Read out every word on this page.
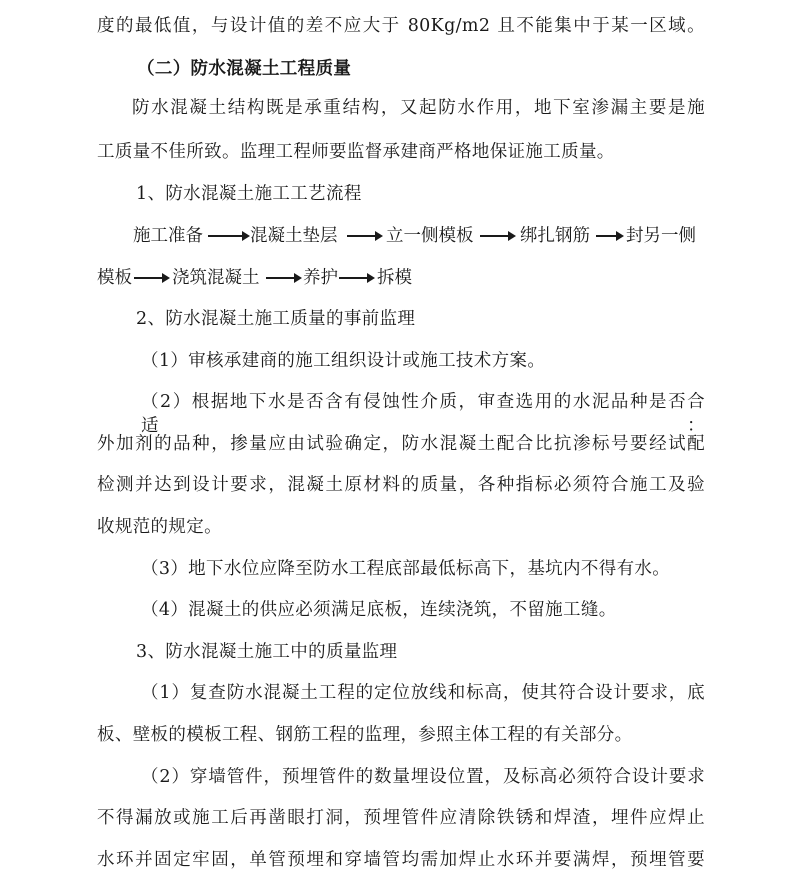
度的最低值，与设计值的差不应大于 80Kg/m2 且不能集中于某一区域。
（二）防水混凝土工程质量
防水混凝土结构既是承重结构，又起防水作用，地下室渗漏主要是施
工质量不佳所致。监理工程师要监督承建商严格地保证施工质量。
1、防水混凝土施工工艺流程
施工准备	混凝土垫层	立一侧模板	绑扎钢筋 封另一侧
模板 浇筑混凝土 养护 拆模
2、防水混凝土施工质量的事前监理
（1）审核承建商的施工组织设计或施工技术方案。
（2）根据地下水是否含有侵蚀性介质，审查选用的水泥品种是否合适：
外加剂的品种，掺量应由试验确定，防水混凝土配合比抗渗标号要经试配
检测并达到设计要求，混凝土原材料的质量，各种指标必须符合施工及验
收规范的规定。
（3）地下水位应降至防水工程底部最低标高下，基坑内不得有水。
（4）混凝土的供应必须满足底板，连续浇筑，不留施工缝。
3、防水混凝土施工中的质量监理
（1）复查防水混凝土工程的定位放线和标高，使其符合设计要求，底
板、壁板的模板工程、钢筋工程的监理，参照主体工程的有关部分。
（2）穿墙管件，预埋管件的数量埋设位置，及标高必须符合设计要求
不得漏放或施工后再凿眼打洞，预埋管件应清除铁锈和焊渣，埋件应焊止
水环并固定牢固，单管预埋和穿墙管均需加焊止水环并要满焊，预埋管要
